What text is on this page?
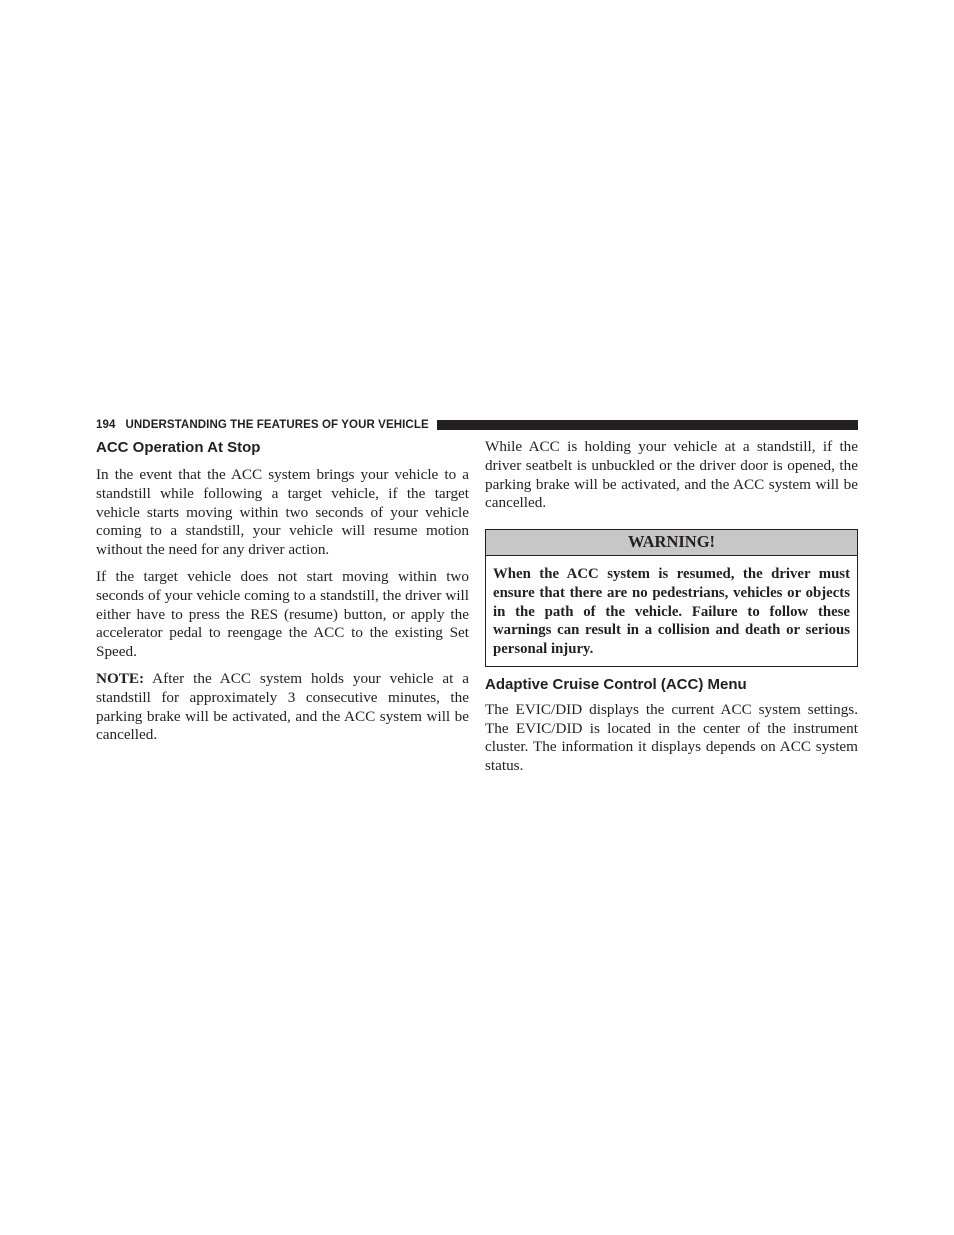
194 UNDERSTANDING THE FEATURES OF YOUR VEHICLE
ACC Operation At Stop

In the event that the ACC system brings your vehicle to a standstill while following a target vehicle, if the target vehicle starts moving within two seconds of your vehicle coming to a standstill, your vehicle will resume motion without the need for any driver action.

If the target vehicle does not start moving within two seconds of your vehicle coming to a standstill, the driver will either have to press the RES (resume) button, or apply the accelerator pedal to reengage the ACC to the existing Set Speed.

NOTE: After the ACC system holds your vehicle at a standstill for approximately 3 consecutive minutes, the parking brake will be activated, and the ACC system will be cancelled.

While ACC is holding your vehicle at a standstill, if the driver seatbelt is unbuckled or the driver door is opened, the parking brake will be activated, and the ACC system will be cancelled.

WARNING!
When the ACC system is resumed, the driver must ensure that there are no pedestrians, vehicles or objects in the path of the vehicle. Failure to follow these warnings can result in a collision and death or serious personal injury.
Adaptive Cruise Control (ACC) Menu

The EVIC/DID displays the current ACC system settings. The EVIC/DID is located in the center of the instrument cluster. The information it displays depends on ACC system status.
